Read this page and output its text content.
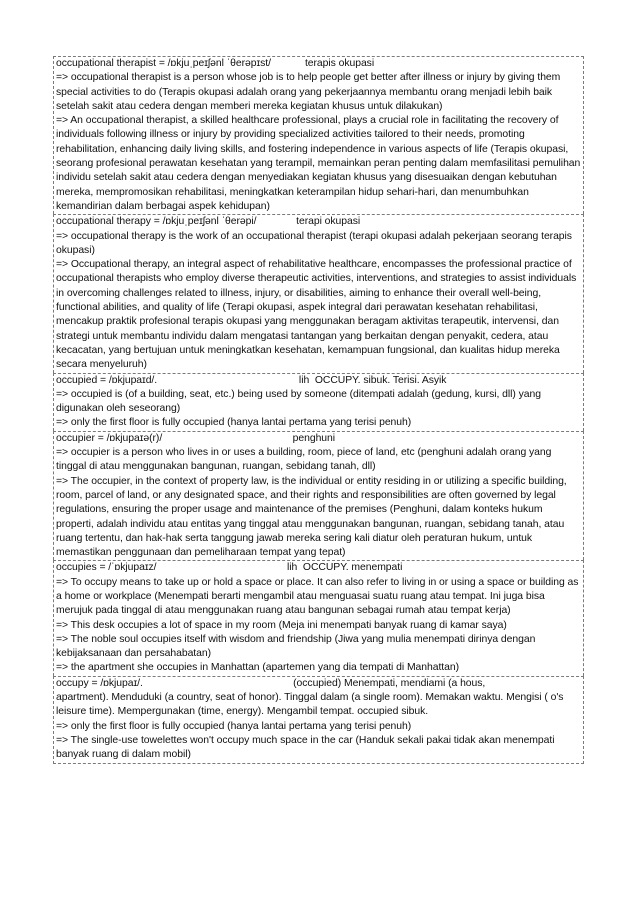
occupational therapist = /ɒkjuˌpeɪʃənl ˈθerəpɪst/            terapis okupasi

=> occupational therapist is a person whose job is to help people get better after illness or injury by giving them special activities to do (Terapis okupasi adalah orang yang pekerjaannya membantu orang menjadi lebih baik setelah sakit atau cedera dengan memberi mereka kegiatan khusus untuk dilakukan)

=> An occupational therapist, a skilled healthcare professional, plays a crucial role in facilitating the recovery of individuals following illness or injury by providing specialized activities tailored to their needs, promoting rehabilitation, enhancing daily living skills, and fostering independence in various aspects of life (Terapis okupasi, seorang profesional perawatan kesehatan yang terampil, memainkan peran penting dalam memfasilitasi pemulihan individu setelah sakit atau cedera dengan menyediakan kegiatan khusus yang disesuaikan dengan kebutuhan mereka, mempromosikan rehabilitasi, meningkatkan keterampilan hidup sehari-hari, dan menumbuhkan kemandirian dalam berbagai aspek kehidupan)

occupational therapy = /ɒkjuˌpeɪʃənl ˈθerəpi/              terapi okupasi

=> occupational therapy is the work of an occupational therapist (terapi okupasi adalah pekerjaan seorang terapis okupasi)

=> Occupational therapy, an integral aspect of rehabilitative healthcare, encompasses the professional practice of occupational therapists who employ diverse therapeutic activities, interventions, and strategies to assist individuals in overcoming challenges related to illness, injury, or disabilities, aiming to enhance their overall well-being, functional abilities, and quality of life (Terapi okupasi, aspek integral dari perawatan kesehatan rehabilitasi, mencakup praktik profesional terapis okupasi yang menggunakan beragam aktivitas terapeutik, intervensi, dan strategi untuk membantu individu dalam mengatasi tantangan yang berkaitan dengan penyakit, cedera, atau kecacatan, yang bertujuan untuk meningkatkan kesehatan, kemampuan fungsional, dan kualitas hidup mereka secara menyeluruh)

occupied = /ɒkjupaɪd/.                                                  lih  OCCUPY. sibuk. Terisi. Asyik

=> occupied is (of a building, seat, etc.) being used by someone (ditempati adalah (gedung, kursi, dll) yang digunakan oleh seseorang)

=> only the first floor is fully occupied (hanya lantai pertama yang terisi penuh)

occupier = /ɒkjupaɪə(r)/                                              penghuni

=> occupier is a person who lives in or uses a building, room, piece of land, etc (penghuni adalah orang yang tinggal di atau menggunakan bangunan, ruangan, sebidang tanah, dll)

=> The occupier, in the context of property law, is the individual or entity residing in or utilizing a specific building, room, parcel of land, or any designated space, and their rights and responsibilities are often governed by legal regulations, ensuring the proper usage and maintenance of the premises (Penghuni, dalam konteks hukum properti, adalah individu atau entitas yang tinggal atau menggunakan bangunan, ruangan, sebidang tanah, atau ruang tertentu, dan hak-hak serta tanggung jawab mereka sering kali diatur oleh peraturan hukum, untuk memastikan penggunaan dan pemeliharaan tempat yang tepat)

occupies = /ˈɒkjupaɪz/                                              lih  OCCUPY. menempati

=> To occupy means to take up or hold a space or place. It can also refer to living in or using a space or building as a home or workplace (Menempati berarti mengambil atau menguasai suatu ruang atau tempat. Ini juga bisa merujuk pada tinggal di atau menggunakan ruang atau bangunan sebagai rumah atau tempat kerja)

=> This desk occupies a lot of space in my room (Meja ini menempati banyak ruang di kamar saya)

=> The noble soul occupies itself with wisdom and friendship (Jiwa yang mulia menempati dirinya dengan kebijaksanaan dan persahabatan)

=> the apartment she occupies in Manhattan (apartemen yang dia tempati di Manhattan)

occupy = /ɒkjupaɪ/.                                                     (occupied) Menempati, mendiami (a hous,

apartment). Menduduki (a country, seat of honor). Tinggal dalam (a single room). Memakan waktu. Mengisi ( o's leisure time). Mempergunakan (time, energy). Mengambil tempat. occupied sibuk.

=> only the first floor is fully occupied (hanya lantai pertama yang terisi penuh)

=> The single-use towelettes won't occupy much space in the car (Handuk sekali pakai tidak akan menempati banyak ruang di dalam mobil)
